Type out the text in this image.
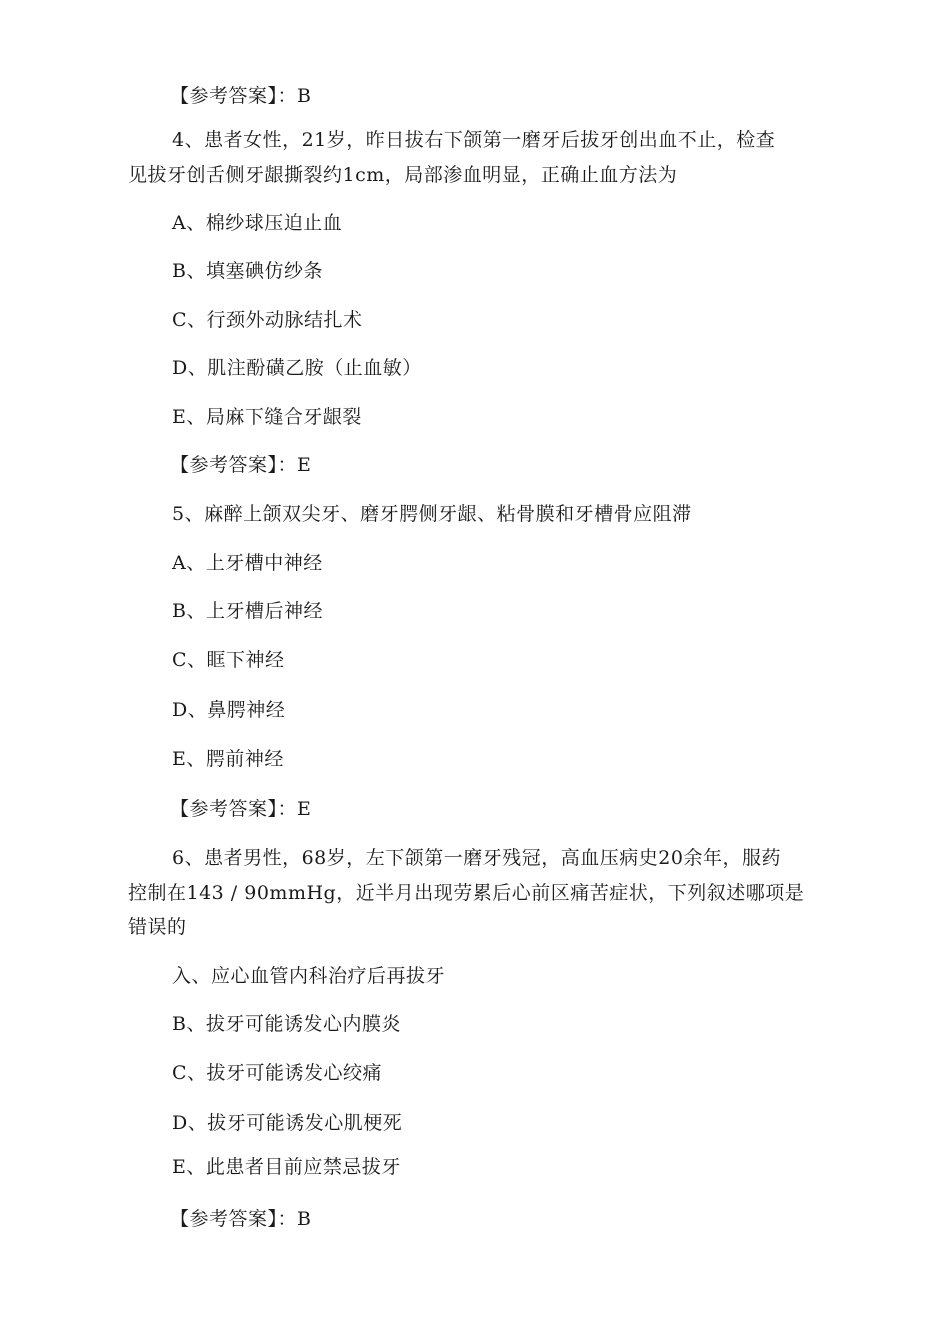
【参考答案】：B
4、患者女性，21岁，昨日拔右下颌第一磨牙后拔牙创出血不止，检查
见拔牙创舌侧牙龈撕裂约1cm，局部渗血明显，正确止血方法为
A、棉纱球压迫止血
B、填塞碘仿纱条
C、行颈外动脉结扎术
D、肌注酚磺乙胺（止血敏）
E、局麻下缝合牙龈裂
【参考答案】：E
5、麻醉上颌双尖牙、磨牙腭侧牙龈、粘骨膜和牙槽骨应阻滞
A、上牙槽中神经
B、上牙槽后神经
C、眶下神经
D、鼻腭神经
E、腭前神经
【参考答案】：E
6、患者男性，68岁，左下颌第一磨牙残冠，高血压病史20余年，服药
控制在143 / 90mmHg，近半月出现劳累后心前区痛苦症状，下列叙述哪项是
错误的
入、应心血管内科治疗后再拔牙
B、拔牙可能诱发心内膜炎
C、拔牙可能诱发心绞痛
D、拔牙可能诱发心肌梗死
E、此患者目前应禁忌拔牙
【参考答案】：B
